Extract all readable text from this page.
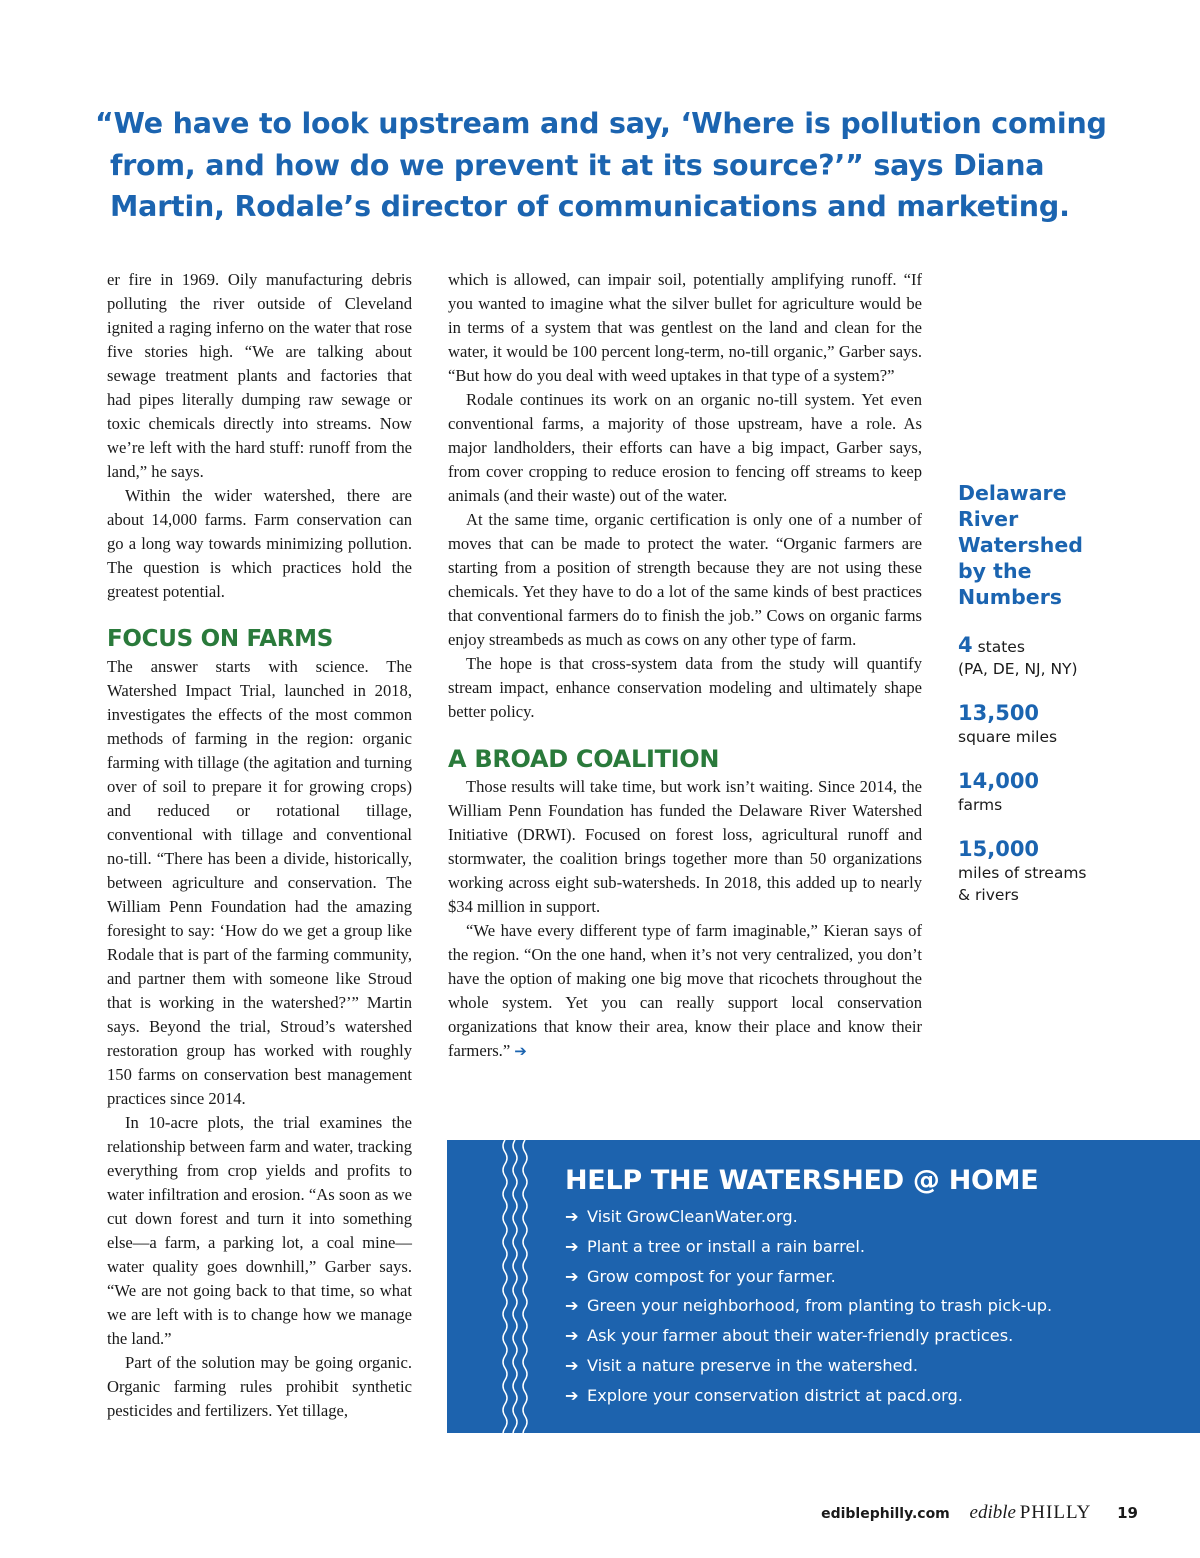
“We have to look upstream and say, ‘Where is pollution coming
from, and how do we prevent it at its source?’” says Diana
Martin, Rodale’s director of communications and marketing.

er fire in 1969. Oily manufacturing debris polluting the river outside of Cleveland ignited a raging inferno on the water that rose five stories high. “We are talking about sewage treatment plants and factories that had pipes literally dumping raw sewage or toxic chemicals directly into streams. Now we’re left with the hard stuff: runoff from the land,” he says.

Within the wider watershed, there are about 14,000 farms. Farm conservation can go a long way towards minimizing pollution. The question is which practices hold the greatest potential.

FOCUS ON FARMS

The answer starts with science. The Watershed Impact Trial, launched in 2018, investigates the effects of the most common methods of farming in the region: organic farming with tillage (the agitation and turning over of soil to prepare it for growing crops) and reduced or rotational tillage, conventional with tillage and conventional no-till. “There has been a divide, historically, between agriculture and conservation. The William Penn Foundation had the amazing foresight to say: ‘How do we get a group like Rodale that is part of the farming community, and partner them with someone like Stroud that is working in the watershed?’” Martin says. Beyond the trial, Stroud’s watershed restoration group has worked with roughly 150 farms on conservation best management practices since 2014.

In 10-acre plots, the trial examines the relationship between farm and water, tracking everything from crop yields and profits to water infiltration and erosion. “As soon as we cut down forest and turn it into something else—a farm, a parking lot, a coal mine—water quality goes downhill,” Garber says. “We are not going back to that time, so what we are left with is to change how we manage the land.”

Part of the solution may be going organic. Organic farming rules prohibit synthetic pesticides and fertilizers. Yet tillage,

which is allowed, can impair soil, potentially amplifying runoff. “If you wanted to imagine what the silver bullet for agriculture would be in terms of a system that was gentlest on the land and clean for the water, it would be 100 percent long-term, no-till organic,” Garber says. “But how do you deal with weed uptakes in that type of a system?”

Rodale continues its work on an organic no-till system. Yet even conventional farms, a majority of those upstream, have a role. As major landholders, their efforts can have a big impact, Garber says, from cover cropping to reduce erosion to fencing off streams to keep animals (and their waste) out of the water.

At the same time, organic certification is only one of a number of moves that can be made to protect the water. “Organic farmers are starting from a position of strength because they are not using these chemicals. Yet they have to do a lot of the same kinds of best practices that conventional farmers do to finish the job.” Cows on organic farms enjoy streambeds as much as cows on any other type of farm.

The hope is that cross-system data from the study will quantify stream impact, enhance conservation modeling and ultimately shape better policy.

A BROAD COALITION

Those results will take time, but work isn’t waiting. Since 2014, the William Penn Foundation has funded the Delaware River Watershed Initiative (DRWI). Focused on forest loss, agricultural runoff and stormwater, the coalition brings together more than 50 organizations working across eight sub-watersheds. In 2018, this added up to nearly $34 million in support.

“We have every different type of farm imaginable,” Kieran says of the region. “On the one hand, when it’s not very centralized, you don’t have the option of making one big move that ricochets throughout the whole system. Yet you can really support local conservation organizations that know their area, know their place and know their farmers.” ➔

Delaware
River
Watershed
by the
Numbers
4 states
(PA, DE, NJ, NY)
13,500
square miles
14,000
farms
15,000
miles of streams
& rivers
HELP THE WATERSHED @ HOME
➔ Visit GrowCleanWater.org.
➔ Plant a tree or install a rain barrel.
➔ Grow compost for your farmer.
➔ Green your neighborhood, from planting to trash pick-up.
➔ Ask your farmer about their water-friendly practices.
➔ Visit a nature preserve in the watershed.
➔ Explore your conservation district at pacd.org.
ediblephilly.com edible PHILLY 19
